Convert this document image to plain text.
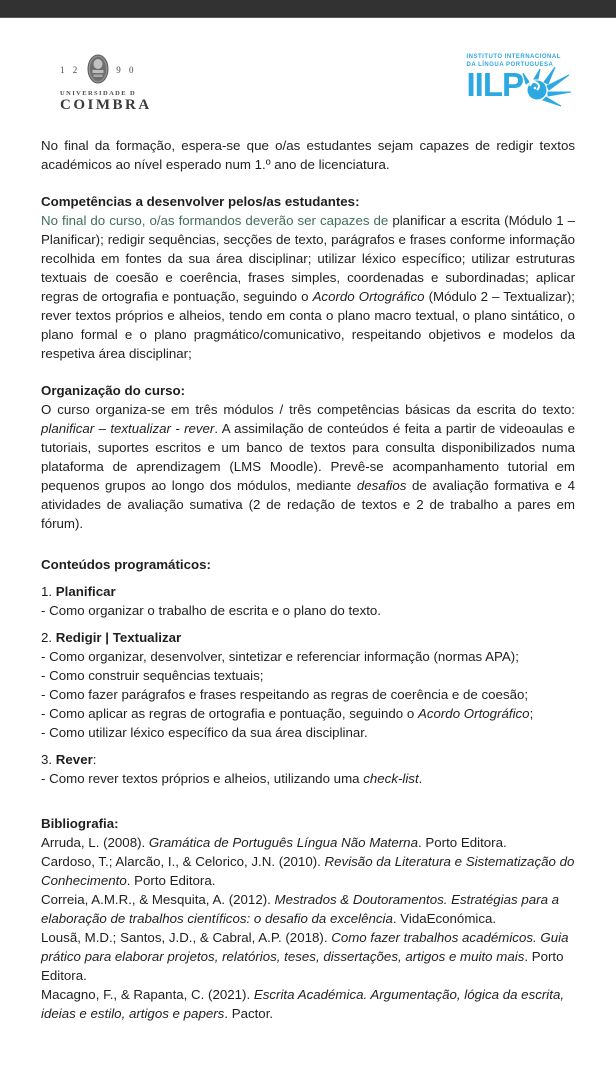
1 2	9 0
UNIVERSIDADE D
COIMBRA
INSTITUTO INTERNACIONAL
DA LÍNGUA PORTUGUESA
IILP

No final da formação, espera-se que o/as estudantes sejam capazes de redigir textos académicos ao nível esperado num 1.º ano de licenciatura.

Competências a desenvolver pelos/as estudantes:

No final do curso, o/as formandos deverão ser capazes de planificar a escrita (Módulo 1 – Planificar); redigir sequências, secções de texto, parágrafos e frases conforme informação recolhida em fontes da sua área disciplinar; utilizar léxico específico; utilizar estruturas textuais de coesão e coerência, frases simples, coordenadas e subordinadas; aplicar regras de ortografia e pontuação, seguindo o Acordo Ortográfico (Módulo 2 – Textualizar); rever textos próprios e alheios, tendo em conta o plano macro textual, o plano sintático, o plano formal e o plano pragmático/comunicativo, respeitando objetivos e modelos da respetiva área disciplinar;

Organização do curso:

O curso organiza-se em três módulos / três competências básicas da escrita do texto: planificar – textualizar - rever. A assimilação de conteúdos é feita a partir de videoaulas e tutoriais, suportes escritos e um banco de textos para consulta disponibilizados numa plataforma de aprendizagem (LMS Moodle). Prevê-se acompanhamento tutorial em pequenos grupos ao longo dos módulos, mediante desafios de avaliação formativa e 4 atividades de avaliação sumativa (2 de redação de textos e 2 de trabalho a pares em fórum).

Conteúdos programáticos:
1. Planificar

- Como organizar o trabalho de escrita e o plano do texto.

2. Redigir | Textualizar

- Como organizar, desenvolver, sintetizar e referenciar informação (normas APA);

- Como construir sequências textuais;

- Como fazer parágrafos e frases respeitando as regras de coerência e de coesão;

- Como aplicar as regras de ortografia e pontuação, seguindo o Acordo Ortográfico;

- Como utilizar léxico específico da sua área disciplinar.

3. Rever:

- Como rever textos próprios e alheios, utilizando uma check-list.

Bibliografia:

Arruda, L. (2008). Gramática de Português Língua Não Materna. Porto Editora.

Cardoso, T.; Alarcão, I., & Celorico, J.N. (2010). Revisão da Literatura e Sistematização do Conhecimento. Porto Editora.

Correia, A.M.R., & Mesquita, A. (2012). Mestrados & Doutoramentos. Estratégias para a elaboração de trabalhos científicos: o desafio da excelência. VidaEconómica.

Lousã, M.D.; Santos, J.D., & Cabral, A.P. (2018). Como fazer trabalhos académicos. Guia prático para elaborar projetos, relatórios, teses, dissertações, artigos e muito mais. Porto Editora.

Macagno, F., & Rapanta, C. (2021). Escrita Académica. Argumentação, lógica da escrita, ideias e estilo, artigos e papers. Pactor.
